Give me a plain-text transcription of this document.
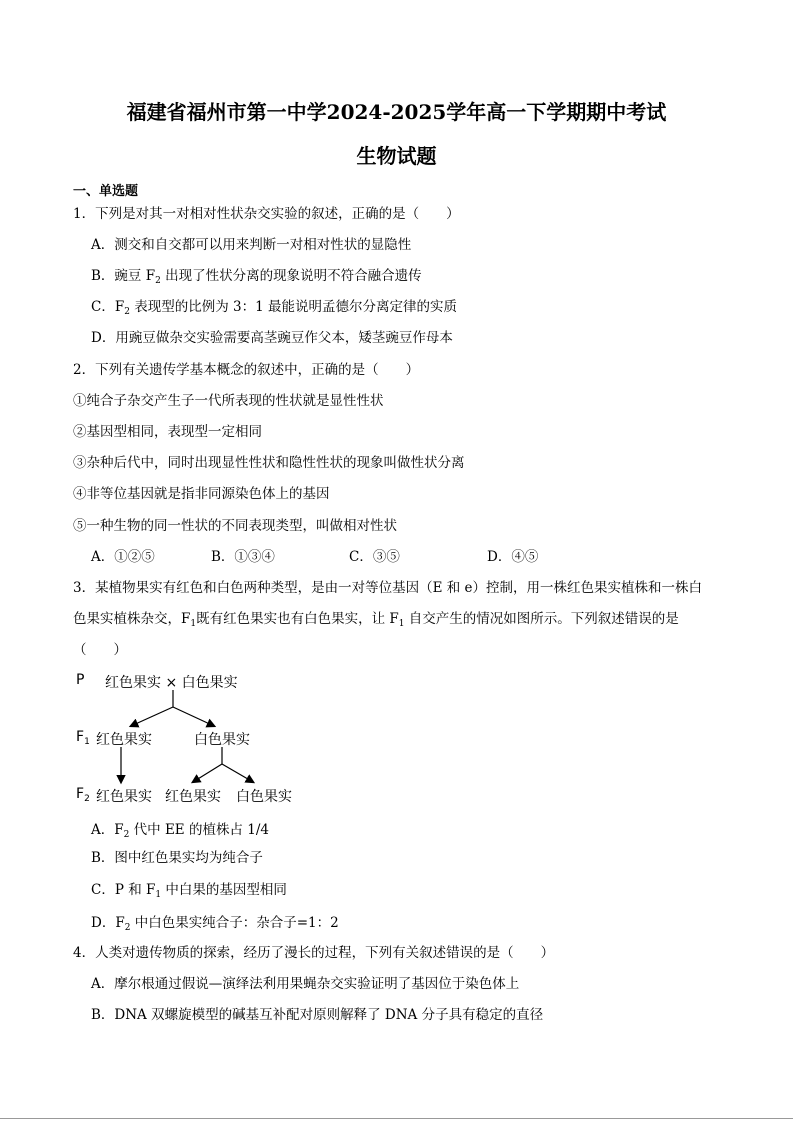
福建省福州市第一中学2024-2025学年高一下学期期中考试
生物试题
一、单选题
1．下列是对其一对相对性状杂交实验的叙述，正确的是（　　）
A．测交和自交都可以用来判断一对相对性状的显隐性
B．豌豆 $F_2$ 出现了性状分离的现象说明不符合融合遗传
C．$F_2$ 表现型的比例为 3：1 最能说明孟德尔分离定律的实质
D．用豌豆做杂交实验需要高茎豌豆作父本，矮茎豌豆作母本
2．下列有关遗传学基本概念的叙述中，正确的是（　　）
①纯合子杂交产生子一代所表现的性状就是显性性状
②基因型相同，表现型一定相同
③杂种后代中，同时出现显性性状和隐性性状的现象叫做性状分离
④非等位基因就是指非同源染色体上的基因
⑤一种生物的同一性状的不同表现类型，叫做相对性状
A．①②⑤	B．①③④	C．③⑤	D．④⑤
3．某植物果实有红色和白色两种类型，是由一对等位基因（E 和 e）控制，用一株红色果实植株和一株白
色果实植株杂交，$F_1$既有红色果实也有白色果实，让 $F_1$ 自交产生的情况如图所示。下列叙述错误的是
（　　）
P 红色果实 × 白色果实
$F_1$ 红色果实	白色果实
$F_2$ 红色果实 红色果实 白色果实
A．$F_2$ 代中 EE 的植株占 1/4
B．图中红色果实均为纯合子
C．P 和 $F_1$ 中白果的基因型相同
D．$F_2$ 中白色果实纯合子：杂合子=1：2
4．人类对遗传物质的探索，经历了漫长的过程，下列有关叙述错误的是（　　）
A．摩尔根通过假说—演绎法利用果蝇杂交实验证明了基因位于染色体上
B．DNA 双螺旋模型的碱基互补配对原则解释了 DNA 分子具有稳定的直径
